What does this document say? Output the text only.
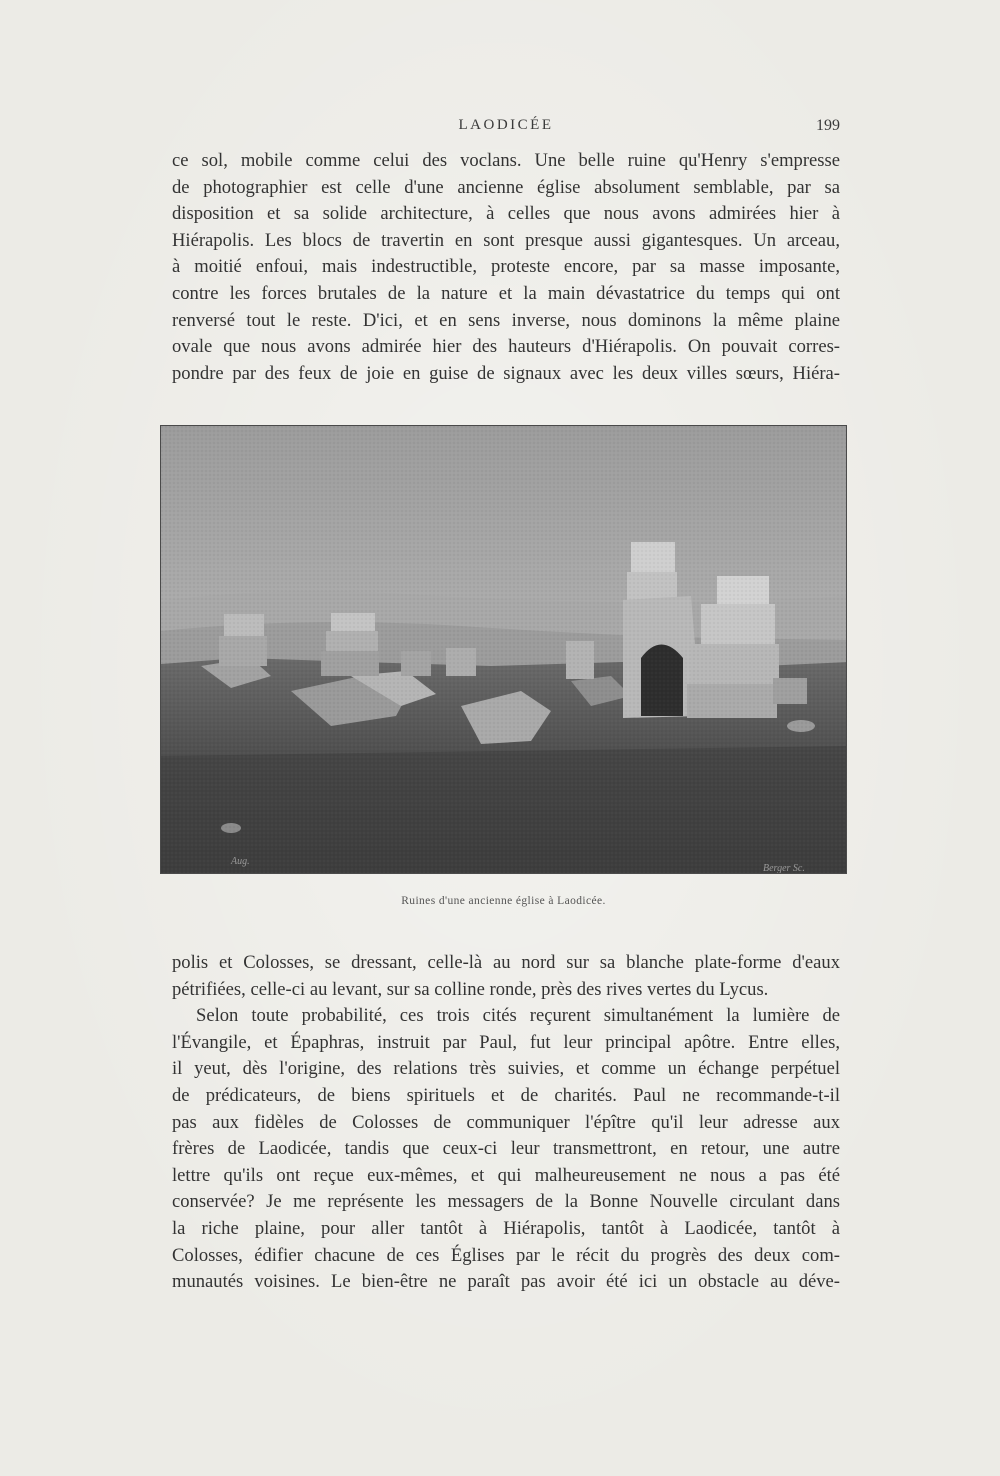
LAODICÉE	199

ce sol, mobile comme celui des voclans. Une belle ruine qu'Henry s'empresse
de photographier est celle d'une ancienne église absolument semblable, par sa
disposition et sa solide architecture, à celles que nous avons admirées hier à
Hiérapolis. Les blocs de travertin en sont presque aussi gigantesques. Un arceau,
à moitié enfoui, mais indestructible, proteste encore, par sa masse imposante,
contre les forces brutales de la nature et la main dévastatrice du temps qui ont
renversé tout le reste. D'ici, et en sens inverse, nous dominons la même plaine
ovale que nous avons admirée hier des hauteurs d'Hiérapolis. On pouvait corres-
pondre par des feux de joie en guise de signaux avec les deux villes sœurs, Hiéra-

Aug.
Berger Sc.
Ruines d'une ancienne église à Laodicée.

polis et Colosses, se dressant, celle-là au nord sur sa blanche plate-forme d'eaux
pétrifiées, celle-ci au levant, sur sa colline ronde, près des rives vertes du Lycus.

Selon toute probabilité, ces trois cités reçurent simultanément la lumière de
l'Évangile, et Épaphras, instruit par Paul, fut leur principal apôtre. Entre elles,
il yeut, dès l'origine, des relations très suivies, et comme un échange perpétuel
de prédicateurs, de biens spirituels et de charités. Paul ne recommande-t-il
pas aux fidèles de Colosses de communiquer l'épître qu'il leur adresse aux
frères de Laodicée, tandis que ceux-ci leur transmettront, en retour, une autre
lettre qu'ils ont reçue eux-mêmes, et qui malheureusement ne nous a pas été
conservée? Je me représente les messagers de la Bonne Nouvelle circulant dans
la riche plaine, pour aller tantôt à Hiérapolis, tantôt à Laodicée, tantôt à
Colosses, édifier chacune de ces Églises par le récit du progrès des deux com-
munautés voisines. Le bien-être ne paraît pas avoir été ici un obstacle au déve-
